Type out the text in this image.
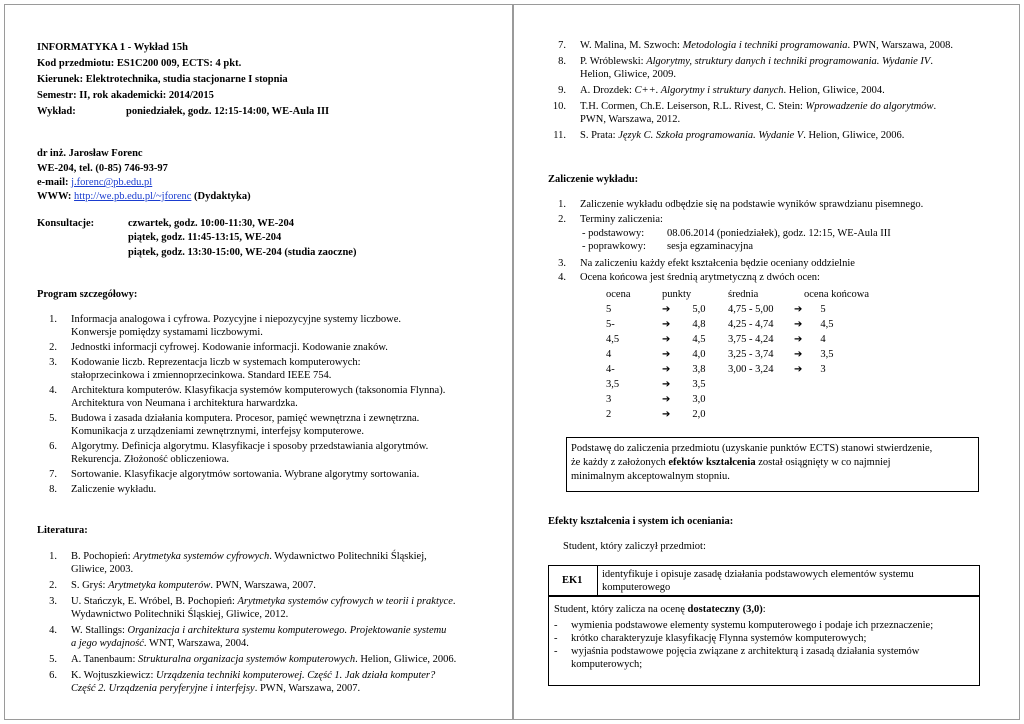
INFORMATYKA 1 - Wykład 15h
Kod przedmiotu: ES1C200 009, ECTS: 4 pkt.
Kierunek: Elektrotechnika, studia stacjonarne I stopnia
Semestr: II, rok akademicki: 2014/2015
Wykład:	poniedziałek, godz. 12:15-14:00, WE-Aula III
dr inż. Jarosław Forenc
WE-204, tel. (0-85) 746-93-97
e-mail: j.forenc@pb.edu.pl
WWW: http://we.pb.edu.pl/~jforenc (Dydaktyka)
Konsultacje:	czwartek, godz. 10:00-11:30, WE-204
piątek, godz. 11:45-13:15, WE-204
piątek, godz. 13:30-15:00, WE-204 (studia zaoczne)
Program szczegółowy:
1. Informacja analogowa i cyfrowa. Pozycyjne i niepozycyjne systemy liczbowe.
Konwersje pomiędzy systamami liczbowymi.
2. Jednostki informacji cyfrowej. Kodowanie informacji. Kodowanie znaków.
3. Kodowanie liczb. Reprezentacja liczb w systemach komputerowych:
stałoprzecinkowa i zmiennoprzecinkowa. Standard IEEE 754.
4. Architektura komputerów. Klasyfikacja systemów komputerowych (taksonomia Flynna).
Architektura von Neumana i architektura harwardzka.
5. Budowa i zasada działania komputera. Procesor, pamięć wewnętrzna i zewnętrzna.
Komunikacja z urządzeniami zewnętrznymi, interfejsy komputerowe.
6. Algorytmy. Definicja algorytmu. Klasyfikacje i sposoby przedstawiania algorytmów.
Rekurencja. Złożoność obliczeniowa.
7. Sortowanie. Klasyfikacje algorytmów sortowania. Wybrane algorytmy sortowania.
8. Zaliczenie wykładu.
Literatura:
1. B. Pochopień: Arytmetyka systemów cyfrowych. Wydawnictwo Politechniki Śląskiej,
Gliwice, 2003.
2. S. Gryś: Arytmetyka komputerów. PWN, Warszawa, 2007.
3. U. Stańczyk, E. Wróbel, B. Pochopień: Arytmetyka systemów cyfrowych w teorii i praktyce.
Wydawnictwo Politechniki Śląskiej, Gliwice, 2012.
4. W. Stallings: Organizacja i architektura systemu komputerowego. Projektowanie systemu
a jego wydajność. WNT, Warszawa, 2004.
5. A. Tanenbaum: Strukturalna organizacja systemów komputerowych. Helion, Gliwice, 2006.
6. K. Wojtuszkiewicz: Urządzenia techniki komputerowej. Część 1. Jak działa komputer?
Część 2. Urządzenia peryferyjne i interfejsy. PWN, Warszawa, 2007.
7. W. Malina, M. Szwoch: Metodologia i techniki programowania. PWN, Warszawa, 2008.
8. P. Wróblewski: Algorytmy, struktury danych i techniki programowania. Wydanie IV.
Helion, Gliwice, 2009.
9. A. Drozdek: C++. Algorytmy i struktury danych. Helion, Gliwice, 2004.
10. T.H. Cormen, Ch.E. Leiserson, R.L. Rivest, C. Stein: Wprowadzenie do algorytmów.
PWN, Warszawa, 2012.
11. S. Prata: Język C. Szkoła programowania. Wydanie V. Helion, Gliwice, 2006.
Zaliczenie wykładu:
1. Zaliczenie wykładu odbędzie się na podstawie wyników sprawdzianu pisemnego.
2. Terminy zaliczenia:
- podstawowy: 08.06.2014 (poniedziałek), godz. 12:15, WE-Aula III
- poprawkowy: sesja egzaminacyjna
3. Na zaliczeniu każdy efekt kształcenia będzie oceniany oddzielnie
4. Ocena końcowa jest średnią arytmetyczną z dwóch ocen:
ocena	punkty	średnia	ocena końcowa
5	➔ 5,0	4,75 - 5,00	➔ 5
5-	➔ 4,8	4,25 - 4,74	➔ 4,5
4,5	➔ 4,5	3,75 - 4,24	➔ 4
4	➔ 4,0	3,25 - 3,74	➔ 3,5
4-	➔ 3,8	3,00 - 3,24	➔ 3
3,5	➔ 3,5		
3	➔ 3,0		
2	➔ 2,0		
Podstawę do zaliczenia przedmiotu (uzyskanie punktów ECTS) stanowi stwierdzenie,
że każdy z założonych efektów kształcenia został osiągnięty w co najmniej
minimalnym akceptowalnym stopniu.
Efekty kształcenia i system ich oceniania:
Student, który zaliczył przedmiot:
EK1
identyfikuje i opisuje zasadę działania podstawowych elementów systemu
komputerowego
Student, który zalicza na ocenę dostateczny (3,0):
- wymienia podstawowe elementy systemu komputerowego i podaje ich przeznaczenie;
- krótko charakteryzuje klasyfikację Flynna systemów komputerowych;
- wyjaśnia podstawowe pojęcia związane z architekturą i zasadą działania systemów
komputerowych;
